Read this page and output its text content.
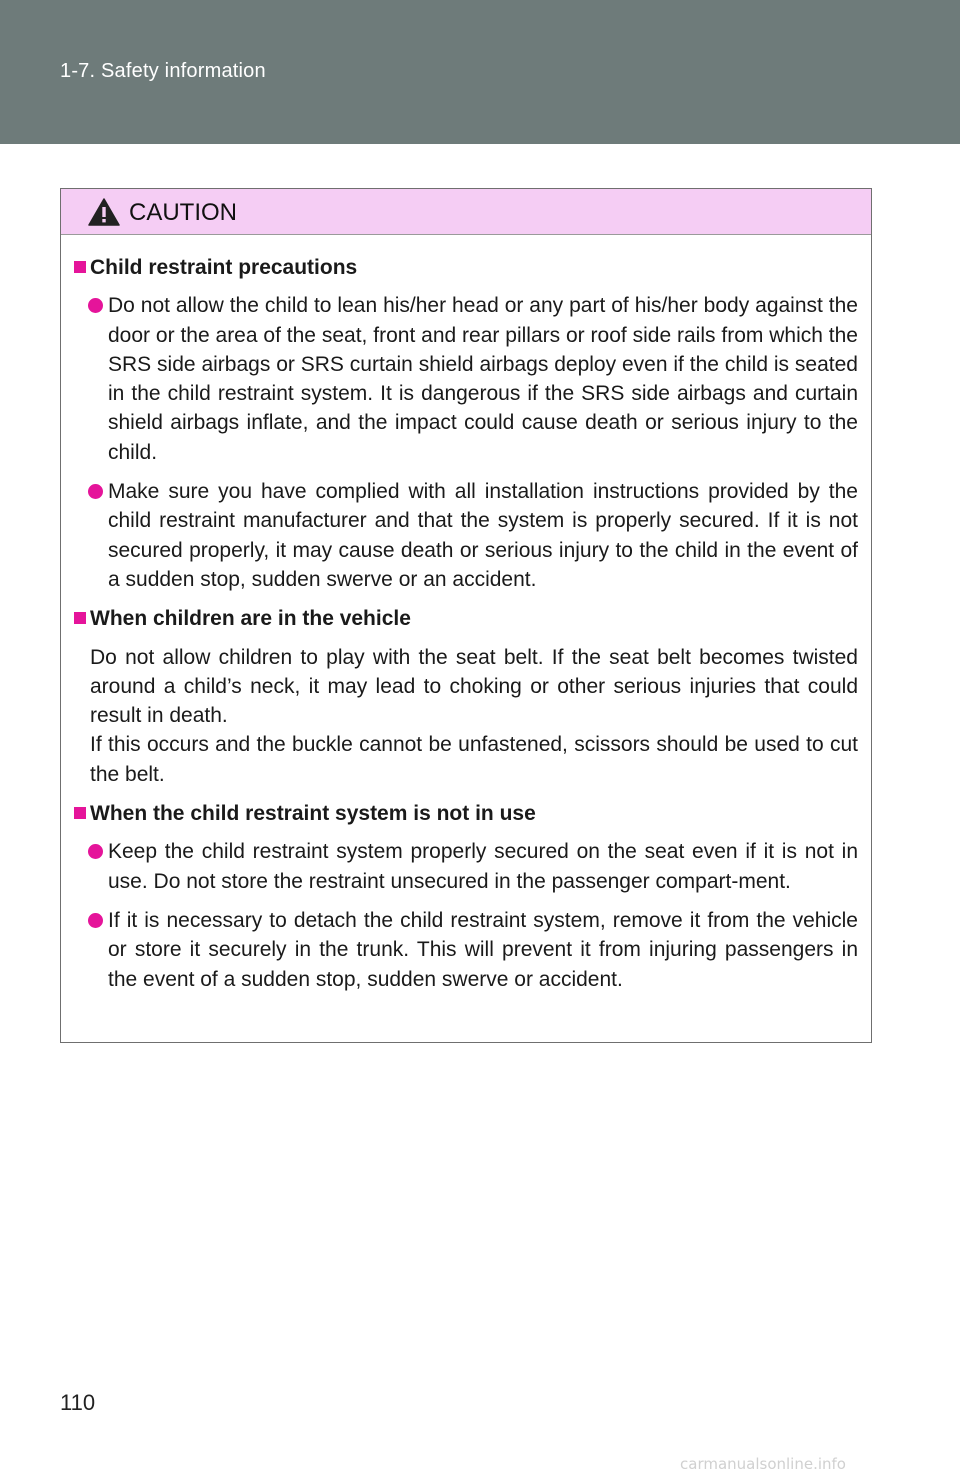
1-7. Safety information
CAUTION
Child restraint precautions
Do not allow the child to lean his/her head or any part of his/her body against the door or the area of the seat, front and rear pillars or roof side rails from which the SRS side airbags or SRS curtain shield airbags deploy even if the child is seated in the child restraint system. It is dangerous if the SRS side airbags and curtain shield airbags inflate, and the impact could cause death or serious injury to the child.
Make sure you have complied with all installation instructions provided by the child restraint manufacturer and that the system is properly secured. If it is not secured properly, it may cause death or serious injury to the child in the event of a sudden stop, sudden swerve or an accident.
When children are in the vehicle
Do not allow children to play with the seat belt. If the seat belt becomes twisted around a child’s neck, it may lead to choking or other serious injuries that could result in death.
If this occurs and the buckle cannot be unfastened, scissors should be used to cut the belt.
When the child restraint system is not in use
Keep the child restraint system properly secured on the seat even if it is not in use. Do not store the restraint unsecured in the passenger compart-ment.
If it is necessary to detach the child restraint system, remove it from the vehicle or store it securely in the trunk. This will prevent it from injuring passengers in the event of a sudden stop, sudden swerve or accident.
110
carmanualsonline.info
